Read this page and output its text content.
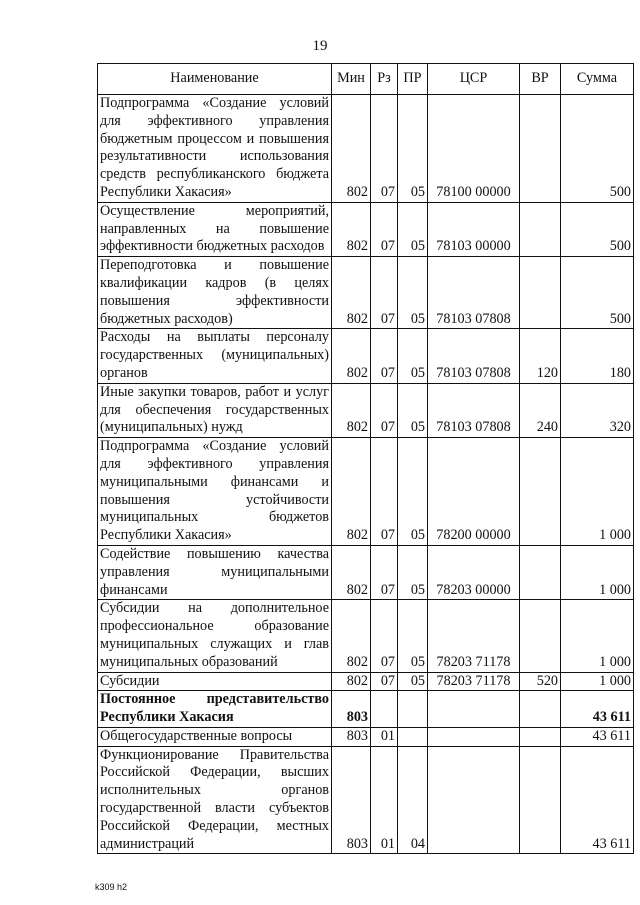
19
Наименование	Мин	Рз	ПР	ЦСР	ВР	Сумма
Подпрограмма «Создание условий для эффективного управления бюджетным процессом и повышения результативности использования средств республиканского бюджета Республики Хакасия»	802	07	05	78100 00000		500
Осуществление мероприятий, направленных на повышение эффективности бюджетных расходов	802	07	05	78103 00000		500
Переподготовка и повышение квалификации кадров (в целях повышения эффективности бюджетных расходов)	802	07	05	78103 07808		500
Расходы на выплаты персоналу государственных (муниципальных) органов	802	07	05	78103 07808	120	180
Иные закупки товаров, работ и услуг для обеспечения государственных (муниципальных) нужд	802	07	05	78103 07808	240	320
Подпрограмма «Создание условий для эффективного управления муниципальными финансами и повышения устойчивости муниципальных бюджетов Республики Хакасия»	802	07	05	78200 00000		1 000
Содействие повышению качества управления муниципальными финансами	802	07	05	78203 00000		1 000
Субсидии на дополнительное профессиональное образование муниципальных служащих и глав муниципальных образований	802	07	05	78203 71178		1 000
Субсидии	802	07	05	78203 71178	520	1 000
Постоянное представительство Республики Хакасия	803					43 611
Общегосударственные вопросы	803	01				43 611
Функционирование Правительства Российской Федерации, высших исполнительных органов государственной власти субъектов Российской Федерации, местных администраций	803	01	04			43 611
k309 h2
